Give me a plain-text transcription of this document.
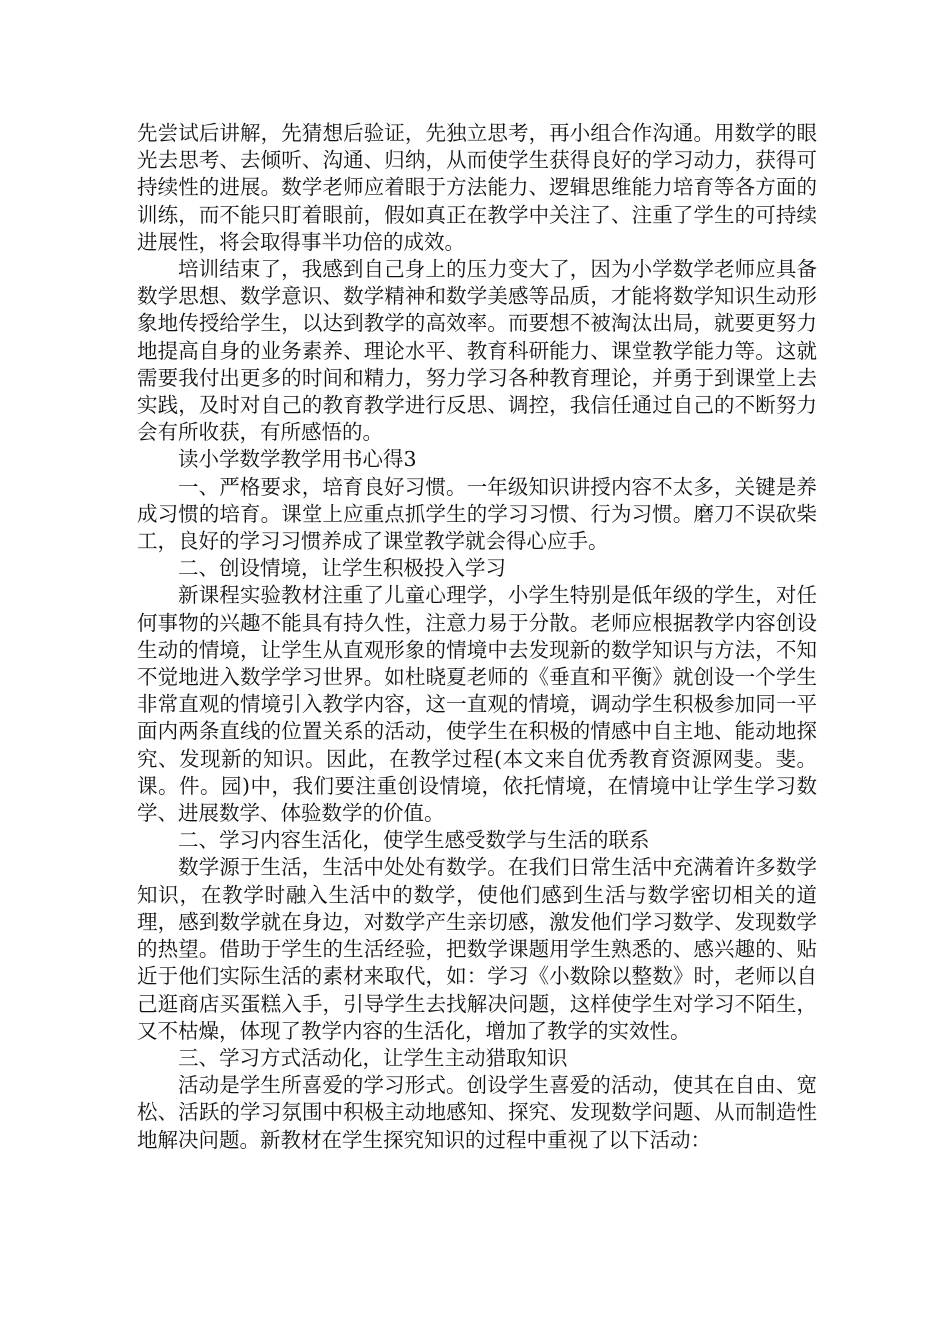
先尝试后讲解，先猜想后验证，先独立思考，再小组合作沟通。用数学的眼光去思考、去倾听、沟通、归纳，从而使学生获得良好的学习动力，获得可持续性的进展。数学老师应着眼于方法能力、逻辑思维能力培育等各方面的训练，而不能只盯着眼前，假如真正在教学中关注了、注重了学生的可持续进展性，将会取得事半功倍的成效。

培训结束了，我感到自己身上的压力变大了，因为小学数学老师应具备数学思想、数学意识、数学精神和数学美感等品质，才能将数学知识生动形象地传授给学生，以达到教学的高效率。而要想不被淘汰出局，就要更努力地提高自身的业务素养、理论水平、教育科研能力、课堂教学能力等。这就需要我付出更多的时间和精力，努力学习各种教育理论，并勇于到课堂上去实践，及时对自己的教育教学进行反思、调控，我信任通过自己的不断努力会有所收获，有所感悟的。

读小学数学教学用书心得3

一、严格要求，培育良好习惯。一年级知识讲授内容不太多，关键是养成习惯的培育。课堂上应重点抓学生的学习习惯、行为习惯。磨刀不误砍柴工，良好的学习习惯养成了课堂教学就会得心应手。

二、创设情境，让学生积极投入学习

新课程实验教材注重了儿童心理学，小学生特别是低年级的学生，对任何事物的兴趣不能具有持久性，注意力易于分散。老师应根据教学内容创设生动的情境，让学生从直观形象的情境中去发现新的数学知识与方法，不知不觉地进入数学学习世界。如杜晓夏老师的《垂直和平衡》就创设一个学生非常直观的情境引入教学内容，这一直观的情境，调动学生积极参加同一平面内两条直线的位置关系的活动，使学生在积极的情感中自主地、能动地探究、发现新的知识。因此，在教学过程(本文来自优秀教育资源网斐。斐。课。件。园)中，我们要注重创设情境，依托情境，在情境中让学生学习数学、进展数学、体验数学的价值。

二、学习内容生活化，使学生感受数学与生活的联系

数学源于生活，生活中处处有数学。在我们日常生活中充满着许多数学知识，在教学时融入生活中的数学，使他们感到生活与数学密切相关的道理，感到数学就在身边，对数学产生亲切感，激发他们学习数学、发现数学的热望。借助于学生的生活经验，把数学课题用学生熟悉的、感兴趣的、贴近于他们实际生活的素材来取代，如：学习《小数除以整数》时，老师以自己逛商店买蛋糕入手，引导学生去找解决问题，这样使学生对学习不陌生，又不枯燥，体现了教学内容的生活化，增加了教学的实效性。

三、学习方式活动化，让学生主动猎取知识

活动是学生所喜爱的学习形式。创设学生喜爱的活动，使其在自由、宽松、活跃的学习氛围中积极主动地感知、探究、发现数学问题、从而制造性地解决问题。新教材在学生探究知识的过程中重视了以下活动：
